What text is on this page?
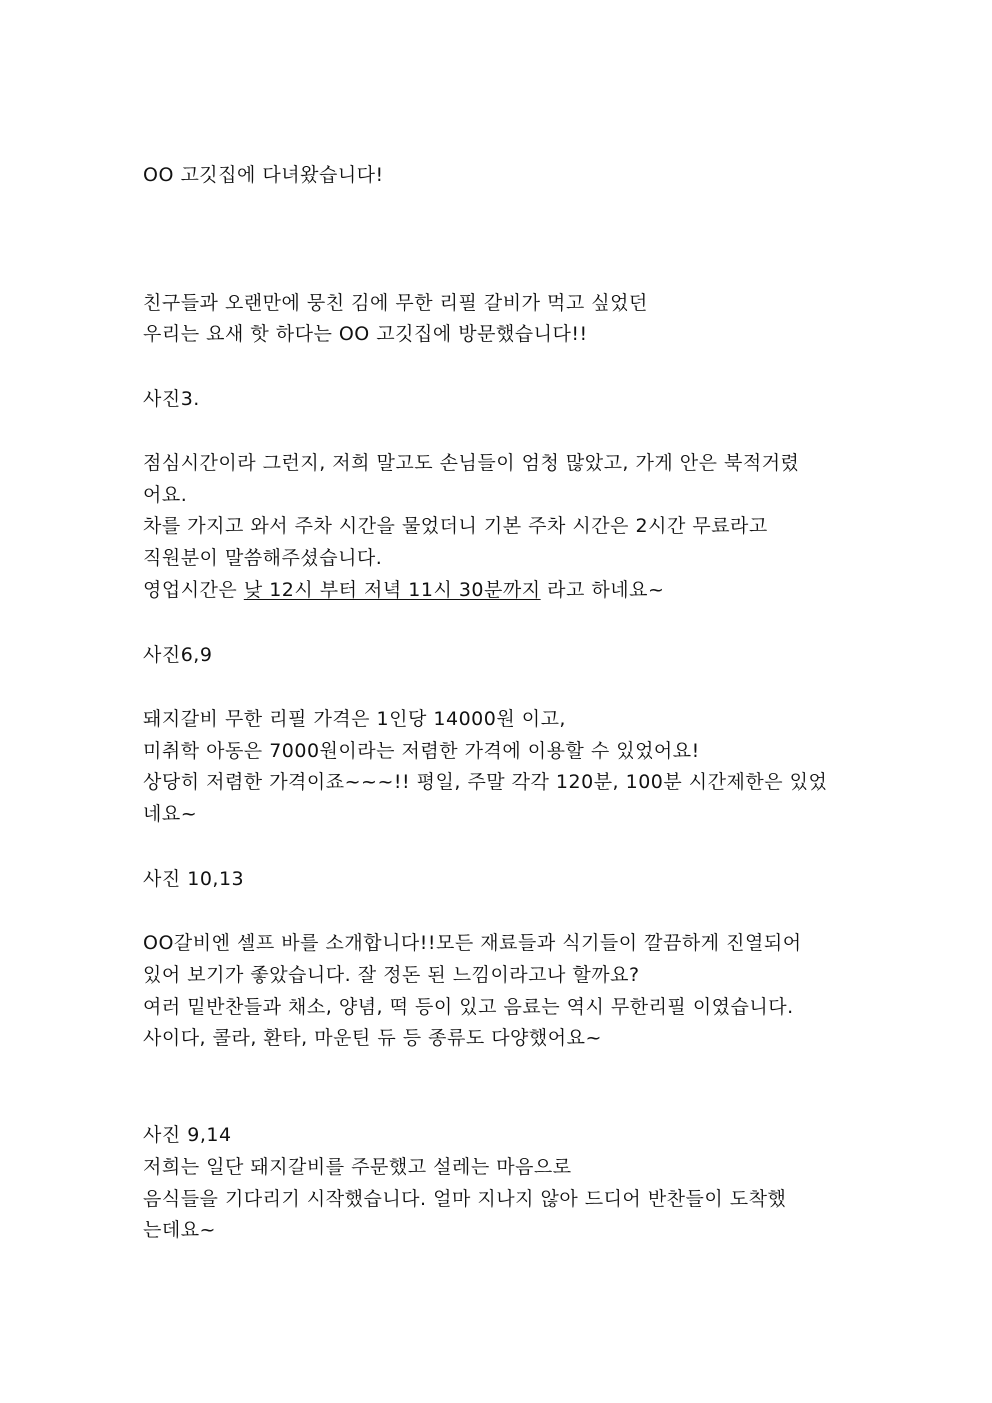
OO 고깃집에 다녀왔습니다!
친구들과 오랜만에 뭉친 김에 무한 리필 갈비가 먹고 싶었던
우리는 요새 핫 하다는 OO 고깃집에 방문했습니다!!
사진3.
점심시간이라 그런지, 저희 말고도 손님들이 엄청 많았고, 가게 안은 북적거렸
어요.
차를 가지고 와서 주차 시간을 물었더니 기본 주차 시간은 2시간 무료라고
직원분이 말씀해주셨습니다.
영업시간은 낮 12시 부터 저녁 11시 30분까지 라고 하네요~
사진6,9
돼지갈비 무한 리필 가격은 1인당 14000원 이고,
미취학 아동은 7000원이라는 저렴한 가격에 이용할 수 있었어요!
상당히 저렴한 가격이죠~~~!! 평일, 주말 각각 120분, 100분 시간제한은 있었
네요~
사진 10,13
OO갈비엔 셀프 바를 소개합니다!!모든 재료들과 식기들이 깔끔하게 진열되어
있어 보기가 좋았습니다. 잘 정돈 된 느낌이라고나 할까요?
여러 밑반찬들과 채소, 양념, 떡 등이 있고 음료는 역시 무한리필 이였습니다.
사이다, 콜라, 환타, 마운틴 듀 등 종류도 다양했어요~
사진 9,14
저희는 일단 돼지갈비를 주문했고 설레는 마음으로
음식들을 기다리기 시작했습니다. 얼마 지나지 않아 드디어 반찬들이 도착했
는데요~
